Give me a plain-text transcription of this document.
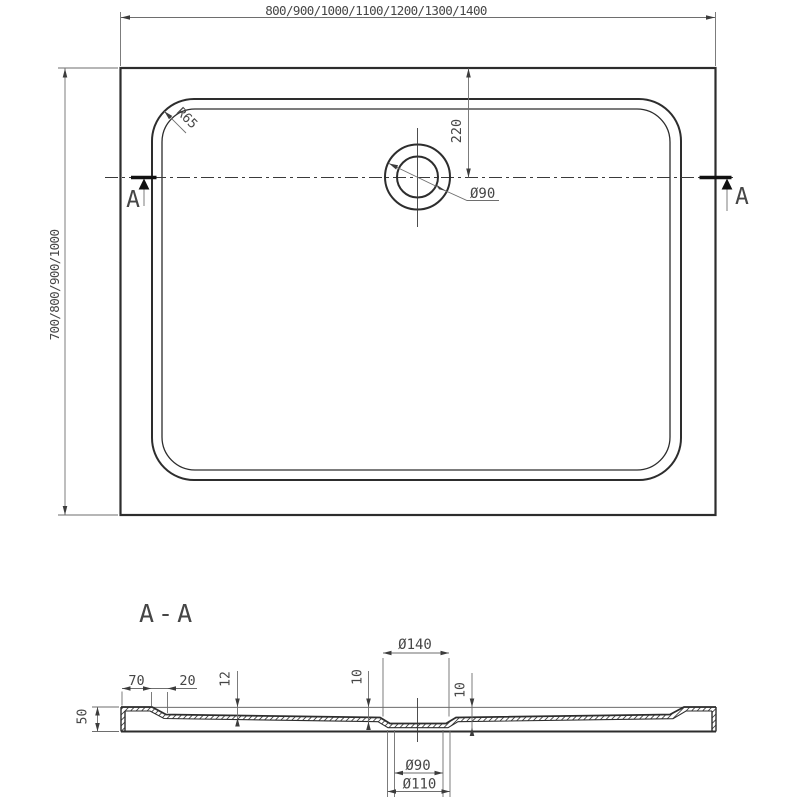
800/900/1000/1100/1200/1300/1400
700/800/900/1000
R65	220
Ø90
A	A
A-A
50
70	20 12	10
10
Ø140
Ø90
Ø110
